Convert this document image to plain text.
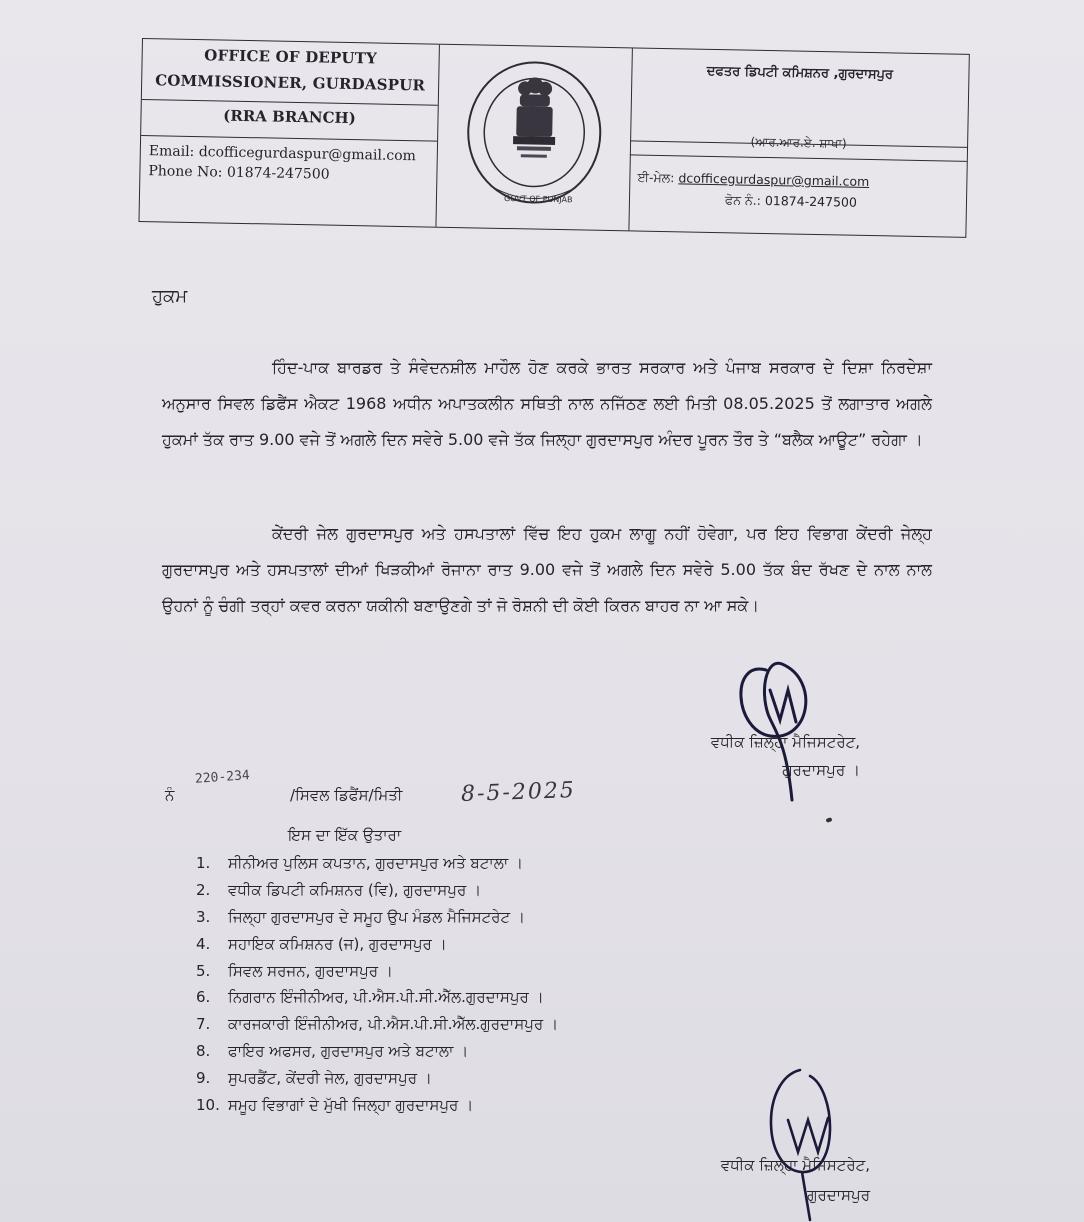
OFFICE OF DEPUTY
COMMISSIONER, GURDASPUR
(RRA BRANCH)
Email: dcofficegurdaspur@gmail.com
Phone No: 01874-247500
GOVT OF PUNJAB
ਦਫਤਰ ਡਿਪਟੀ ਕਮਿਸ਼ਨਰ ,ਗੁਰਦਾਸਪੁਰ
(ਆਰ.ਆਰ.ਏ. ਸ਼ਾਖਾ)
ਈ-ਮੇਲ: dcofficegurdaspur@gmail.com
ਫੋਨ ਨੰ.: 01874-247500
ਹੁਕਮ
ਹਿੰਦ-ਪਾਕ ਬਾਰਡਰ ਤੇ ਸੰਵੇਦਨਸ਼ੀਲ ਮਾਹੌਲ ਹੋਣ ਕਰਕੇ ਭਾਰਤ ਸਰਕਾਰ ਅਤੇ ਪੰਜਾਬ ਸਰਕਾਰ ਦੇ ਦਿਸ਼ਾ ਨਿਰਦੇਸ਼ਾ ਅਨੁਸਾਰ ਸਿਵਲ ਡਿਫੈਂਸ ਐਕਟ 1968 ਅਧੀਨ ਅਪਾਤਕਲੀਨ ਸਥਿਤੀ ਨਾਲ ਨਜਿੱਠਣ ਲਈ ਮਿਤੀ 08.05.2025 ਤੋਂ ਲਗਾਤਾਰ ਅਗਲੇ ਹੁਕਮਾਂ ਤੱਕ ਰਾਤ 9.00 ਵਜੇ ਤੋਂ ਅਗਲੇ ਦਿਨ ਸਵੇਰੇ 5.00 ਵਜੇ ਤੱਕ ਜਿਲ੍ਹਾ ਗੁਰਦਾਸਪੁਰ ਅੰਦਰ ਪੂਰਨ ਤੌਰ ਤੇ “ਬਲੈਕ ਆਊਟ” ਰਹੇਗਾ ।
ਕੇਂਦਰੀ ਜੇਲ ਗੁਰਦਾਸਪੁਰ ਅਤੇ ਹਸਪਤਾਲਾਂ ਵਿੱਚ ਇਹ ਹੁਕਮ ਲਾਗੂ ਨਹੀਂ ਹੋਵੇਗਾ, ਪਰ ਇਹ ਵਿਭਾਗ ਕੇਂਦਰੀ ਜੇਲ੍ਹ ਗੁਰਦਾਸਪੁਰ ਅਤੇ ਹਸਪਤਾਲਾਂ ਦੀਆਂ ਖਿੜਕੀਆਂ ਰੋਜਾਨਾ ਰਾਤ 9.00 ਵਜੇ ਤੋਂ ਅਗਲੇ ਦਿਨ ਸਵੇਰੇ 5.00 ਤੱਕ ਬੰਦ ਰੱਖਣ ਦੇ ਨਾਲ ਨਾਲ ਉਹਨਾਂ ਨੂੰ ਚੰਗੀ ਤਰ੍ਹਾਂ ਕਵਰ ਕਰਨਾ ਯਕੀਨੀ ਬਣਾਉਣਗੇ ਤਾਂ ਜੋ ਰੋਸ਼ਨੀ ਦੀ ਕੋਈ ਕਿਰਨ ਬਾਹਰ ਨਾ ਆ ਸਕੇ।
ਵਧੀਕ ਜ਼ਿਲ੍ਹਾ ਮੈਜਿਸਟਰੇਟ,
ਗੁਰਦਾਸਪੁਰ ।
ਨੰ
220-234
/ਸਿਵਲ ਡਿਫੈਂਸ/ਮਿਤੀ	8-5-2025
ਇਸ ਦਾ ਇੱਕ ਉਤਾਰਾ
1. ਸੀਨੀਅਰ ਪੁਲਿਸ ਕਪਤਾਨ, ਗੁਰਦਾਸਪੁਰ ਅਤੇ ਬਟਾਲਾ ।
2. ਵਧੀਕ ਡਿਪਟੀ ਕਮਿਸ਼ਨਰ (ਵਿ), ਗੁਰਦਾਸਪੁਰ ।
3. ਜਿਲ੍ਹਾ ਗੁਰਦਾਸਪੁਰ ਦੇ ਸਮੂਹ ਉਪ ਮੰਡਲ ਮੈਜਿਸਟਰੇਟ ।
4. ਸਹਾਇਕ ਕਮਿਸ਼ਨਰ (ਜ), ਗੁਰਦਾਸਪੁਰ ।
5. ਸਿਵਲ ਸਰਜਨ, ਗੁਰਦਾਸਪੁਰ ।
6. ਨਿਗਰਾਨ ਇੰਜੀਨੀਅਰ, ਪੀ.ਐਸ.ਪੀ.ਸੀ.ਐੱਲ.ਗੁਰਦਾਸਪੁਰ ।
7. ਕਾਰਜਕਾਰੀ ਇੰਜੀਨੀਅਰ, ਪੀ.ਐਸ.ਪੀ.ਸੀ.ਐੱਲ.ਗੁਰਦਾਸਪੁਰ ।
8. ਫਾਇਰ ਅਫਸਰ, ਗੁਰਦਾਸਪੁਰ ਅਤੇ ਬਟਾਲਾ ।
9. ਸੁਪਰਡੈਂਟ, ਕੇਂਦਰੀ ਜੇਲ, ਗੁਰਦਾਸਪੁਰ ।
10. ਸਮੂਹ ਵਿਭਾਗਾਂ ਦੇ ਮੁੱਖੀ ਜਿਲ੍ਹਾ ਗੁਰਦਾਸਪੁਰ ।
ਵਧੀਕ ਜ਼ਿਲ੍ਹਾ ਮੈਜਿਸਟਰੇਟ,
ਗੁਰਦਾਸਪੁਰ
